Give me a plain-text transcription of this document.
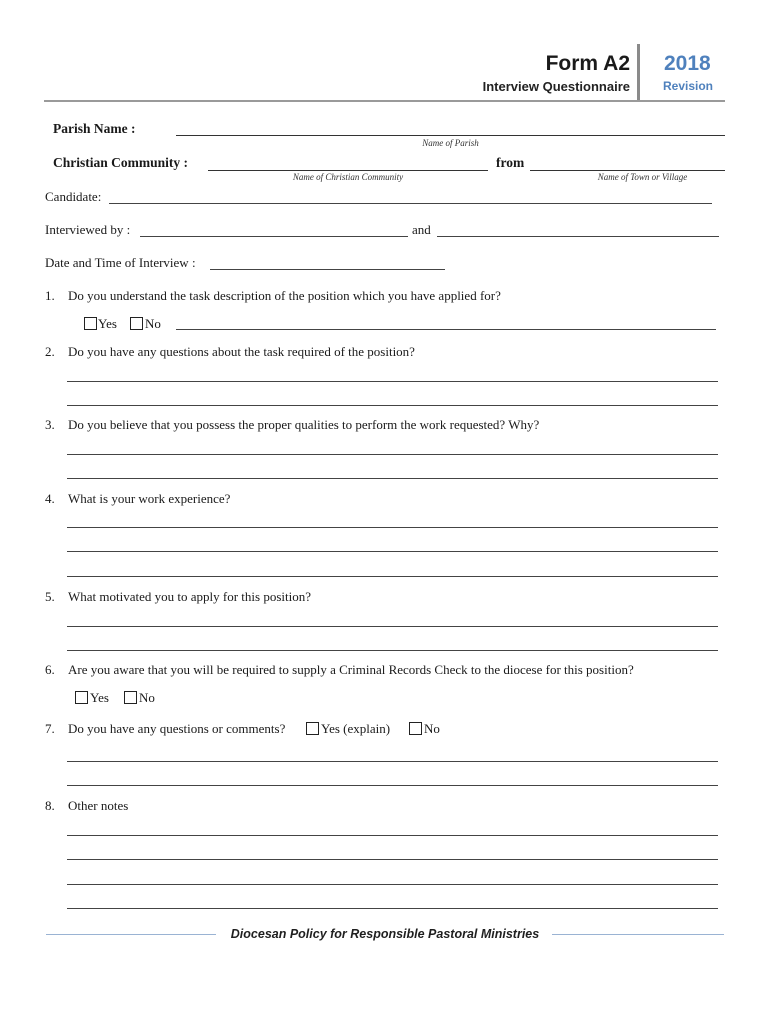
Form A2
Interview Questionnaire
2018
Revision
Parish Name :
Name of Parish
Christian Community :
Name of Christian Community
from
Name of Town or Village
Candidate:
Interviewed by :	and
Date and Time of Interview :
1. Do you understand the task description of the position which you have applied for?
Yes No
2. Do you have any questions about the task required of the position?
3. Do you believe that you possess the proper qualities to perform the work requested? Why?
4. What is your work experience?
5. What motivated you to apply for this position?
6. Are you aware that you will be required to supply a Criminal Records Check to the diocese for this position?
Yes No
7. Do you have any questions or comments?	Yes (explain)	No
8. Other notes
Diocesan Policy for Responsible Pastoral Ministries
